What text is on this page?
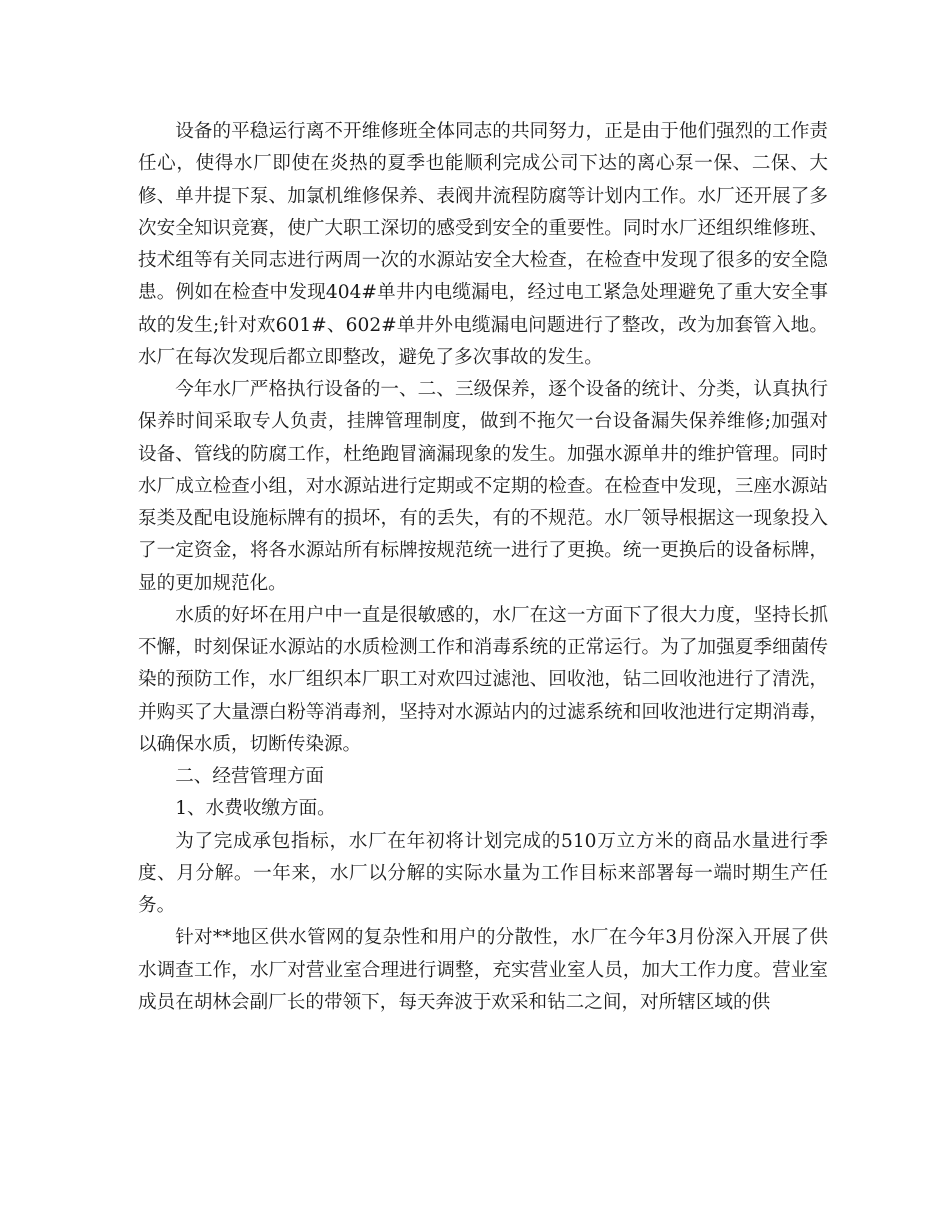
设备的平稳运行离不开维修班全体同志的共同努力，正是由于他们强烈的工作责任心，使得水厂即使在炎热的夏季也能顺利完成公司下达的离心泵一保、二保、大修、单井提下泵、加氯机维修保养、表阀井流程防腐等计划内工作。水厂还开展了多次安全知识竞赛，使广大职工深切的感受到安全的重要性。同时水厂还组织维修班、技术组等有关同志进行两周一次的水源站安全大检查，在检查中发现了很多的安全隐患。例如在检查中发现404#单井内电缆漏电，经过电工紧急处理避免了重大安全事故的发生;针对欢601#、602#单井外电缆漏电问题进行了整改，改为加套管入地。水厂在每次发现后都立即整改，避免了多次事故的发生。

今年水厂严格执行设备的一、二、三级保养，逐个设备的统计、分类，认真执行保养时间采取专人负责，挂牌管理制度，做到不拖欠一台设备漏失保养维修;加强对设备、管线的防腐工作，杜绝跑冒滴漏现象的发生。加强水源单井的维护管理。同时水厂成立检查小组，对水源站进行定期或不定期的检查。在检查中发现，三座水源站泵类及配电设施标牌有的损坏，有的丢失，有的不规范。水厂领导根据这一现象投入了一定资金，将各水源站所有标牌按规范统一进行了更换。统一更换后的设备标牌，显的更加规范化。

水质的好坏在用户中一直是很敏感的，水厂在这一方面下了很大力度，坚持长抓不懈，时刻保证水源站的水质检测工作和消毒系统的正常运行。为了加强夏季细菌传染的预防工作，水厂组织本厂职工对欢四过滤池、回收池，钻二回收池进行了清洗，并购买了大量漂白粉等消毒剂，坚持对水源站内的过滤系统和回收池进行定期消毒，以确保水质，切断传染源。

二、经营管理方面

1、水费收缴方面。

为了完成承包指标，水厂在年初将计划完成的510万立方米的商品水量进行季度、月分解。一年来，水厂以分解的实际水量为工作目标来部署每一端时期生产任务。

针对**地区供水管网的复杂性和用户的分散性，水厂在今年3月份深入开展了供水调查工作，水厂对营业室合理进行调整，充实营业室人员，加大工作力度。营业室成员在胡林会副厂长的带领下，每天奔波于欢采和钻二之间，对所辖区域的供
